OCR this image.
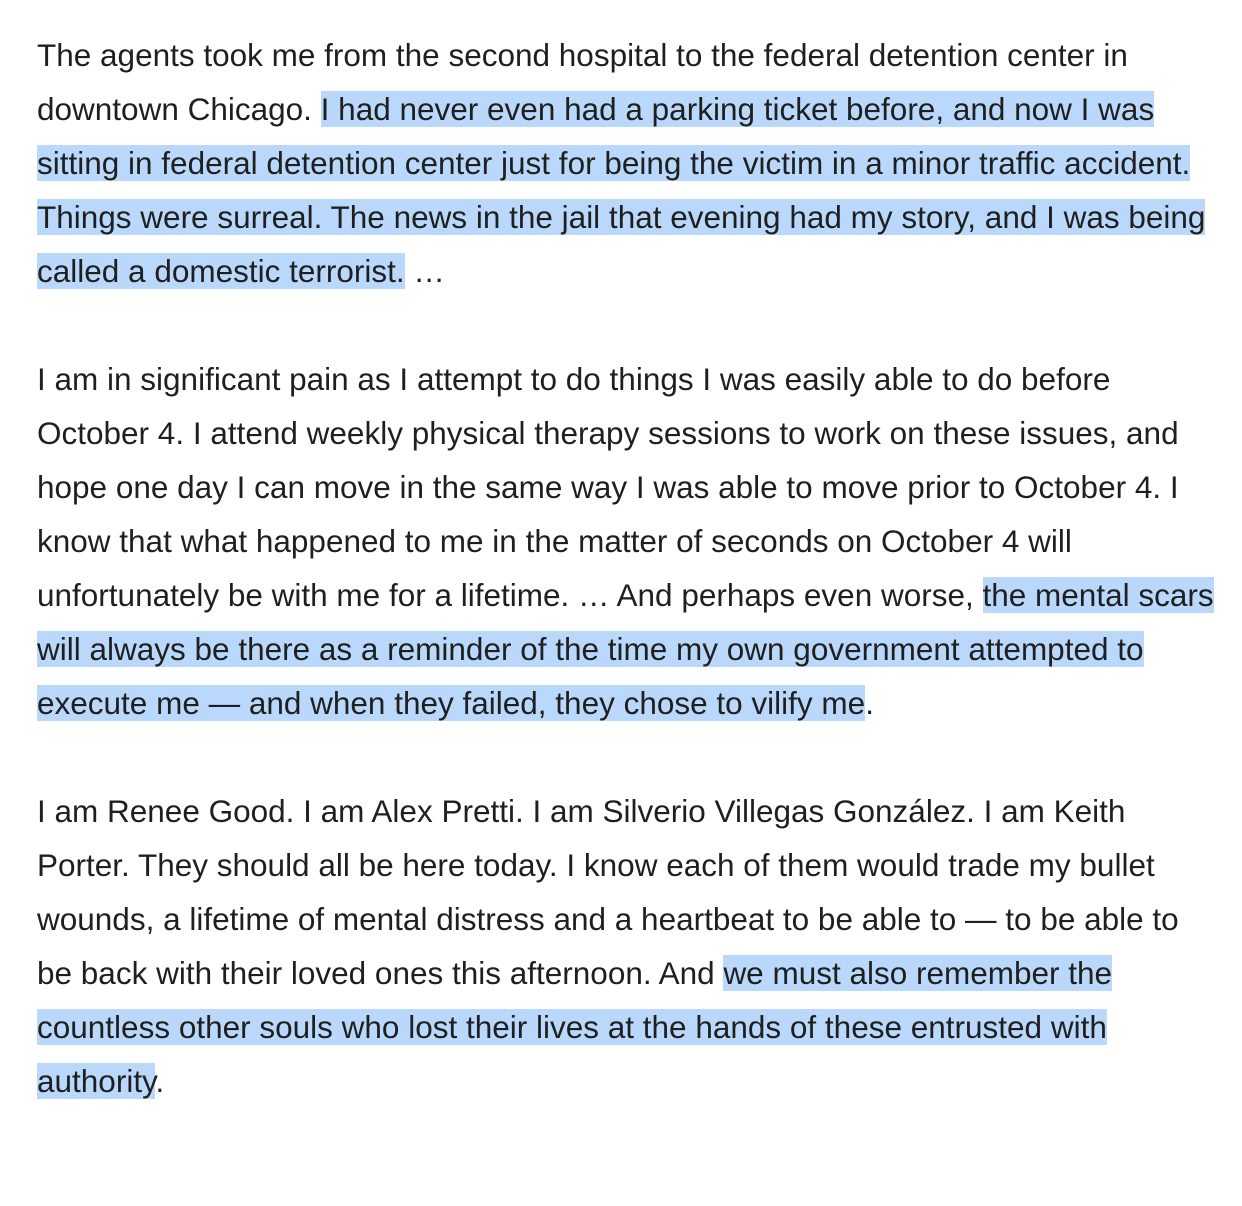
The agents took me from the second hospital to the federal detention center in downtown Chicago. I had never even had a parking ticket before, and now I was sitting in federal detention center just for being the victim in a minor traffic accident. Things were surreal. The news in the jail that evening had my story, and I was being called a domestic terrorist. …

I am in significant pain as I attempt to do things I was easily able to do before October 4. I attend weekly physical therapy sessions to work on these issues, and hope one day I can move in the same way I was able to move prior to October 4. I know that what happened to me in the matter of seconds on October 4 will unfortunately be with me for a lifetime. … And perhaps even worse, the mental scars will always be there as a reminder of the time my own government attempted to execute me — and when they failed, they chose to vilify me.

I am Renee Good. I am Alex Pretti. I am Silverio Villegas González. I am Keith Porter. They should all be here today. I know each of them would trade my bullet wounds, a lifetime of mental distress and a heartbeat to be able to — to be able to be back with their loved ones this afternoon. And we must also remember the countless other souls who lost their lives at the hands of these entrusted with authority.
